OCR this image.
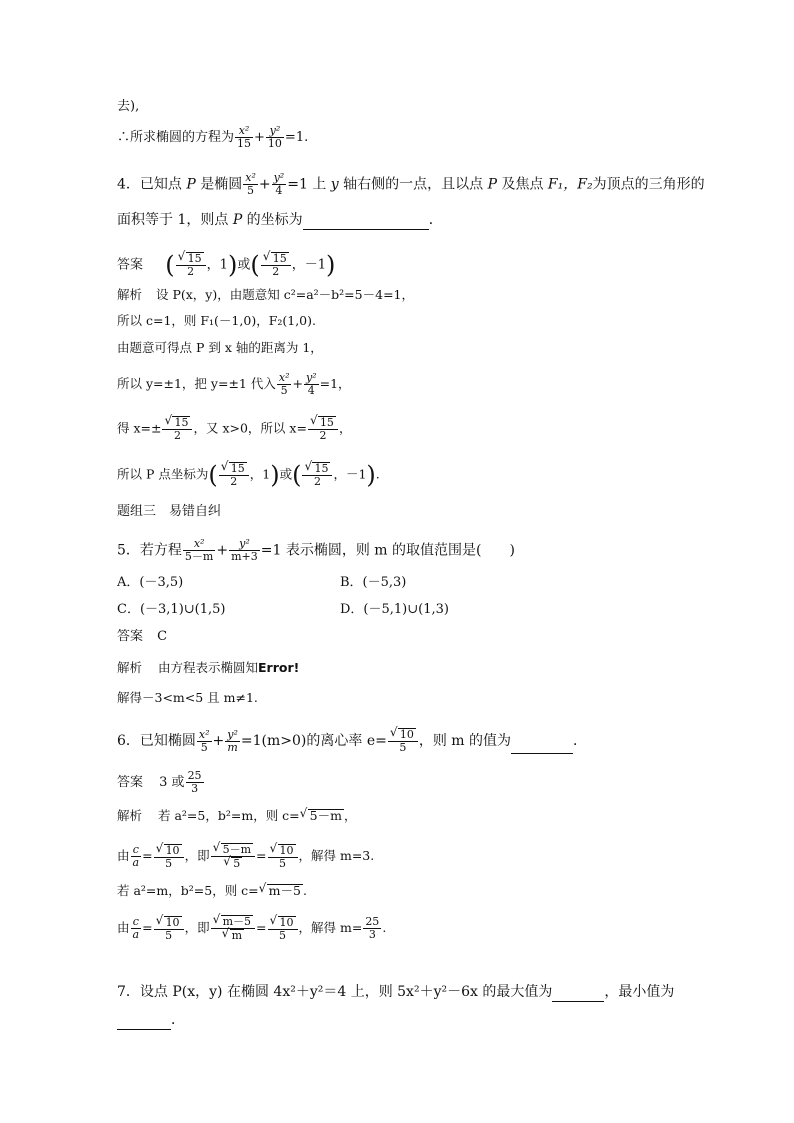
去),
∴所求椭圆的方程为 $\frac{\text{x²}}{15} + \frac{\text{y²}}{10} =1$.
4．已知点 P 是椭圆 $\frac{\text{x²}}{5} + \frac{\text{y²}}{4} =1$ 上 y 轴右侧的一点，且以点 P 及焦点 F₁，F₂为顶点的三角形的
面积等于 1，则点 P 的坐标为	．
答案 ( √ $\frac{15}{2}$ ，1)或( √ $\frac{15}{2}$ ，－1)
解析 设 P(x，y)，由题意知 c²=a²－b²=5－4=1，
所以 c=1，则 F₁(－1,0)，F₂(1,0).
由题意可得点 P 到 x 轴的距离为 1，
所以 y=±1，把 y=±1 代入 $\frac{\text{x²}}{5} + \frac{\text{y²}}{4} =1$，
得 x=± √ $\frac{15}{2}$ ，又 x>0，所以 x= √ $\frac{15}{2}$ ，
所以 P 点坐标为( √ $\frac{15}{2}$ ，1)或( √ $\frac{15}{2}$ ，－1).
题组三　易错自纠
5．若方程 $\frac{\text{x²}}{5-m} + \frac{\text{y²}}{m+3} =1$ 表示椭圆，则 m 的取值范围是(　　)
A．(－3,5)	B．(－5,3)
C．(－3,1)∪(1,5)	D．(－5,1)∪(1,3)
答案 C
解析 由方程表示椭圆知Error!
解得－3<m<5 且 m≠1.
6．已知椭圆 $\frac{\text{x²}}{5} + \frac{\text{y²}}{m} =1(m>0)$的离心率 e= √ $\frac{10}{5}$ ，则 m 的值为	．
答案 3 或 $\frac{25}{3}$
解析 若 a²=5，b²=m，则 c= √ 5－m ，
由 $\frac{c}{a}$ = √ $\frac{10}{5}$ ，即 √ 5－m
√ 5 = √ $\frac{10}{5}$ ，解得 m=3.
若 a²=m，b²=5，则 c= √ m－5 .
由 $\frac{c}{a}$ = √ $\frac{10}{5}$ ，即 √ m－5
√ m = √ $\frac{10}{5}$ ，解得 $m= \frac{25}{3}$ .
7．设点 P(x，y) 在椭圆 4x²＋y²＝4 上，则 5x²＋y²－6x 的最大值为	，最小值为
．
